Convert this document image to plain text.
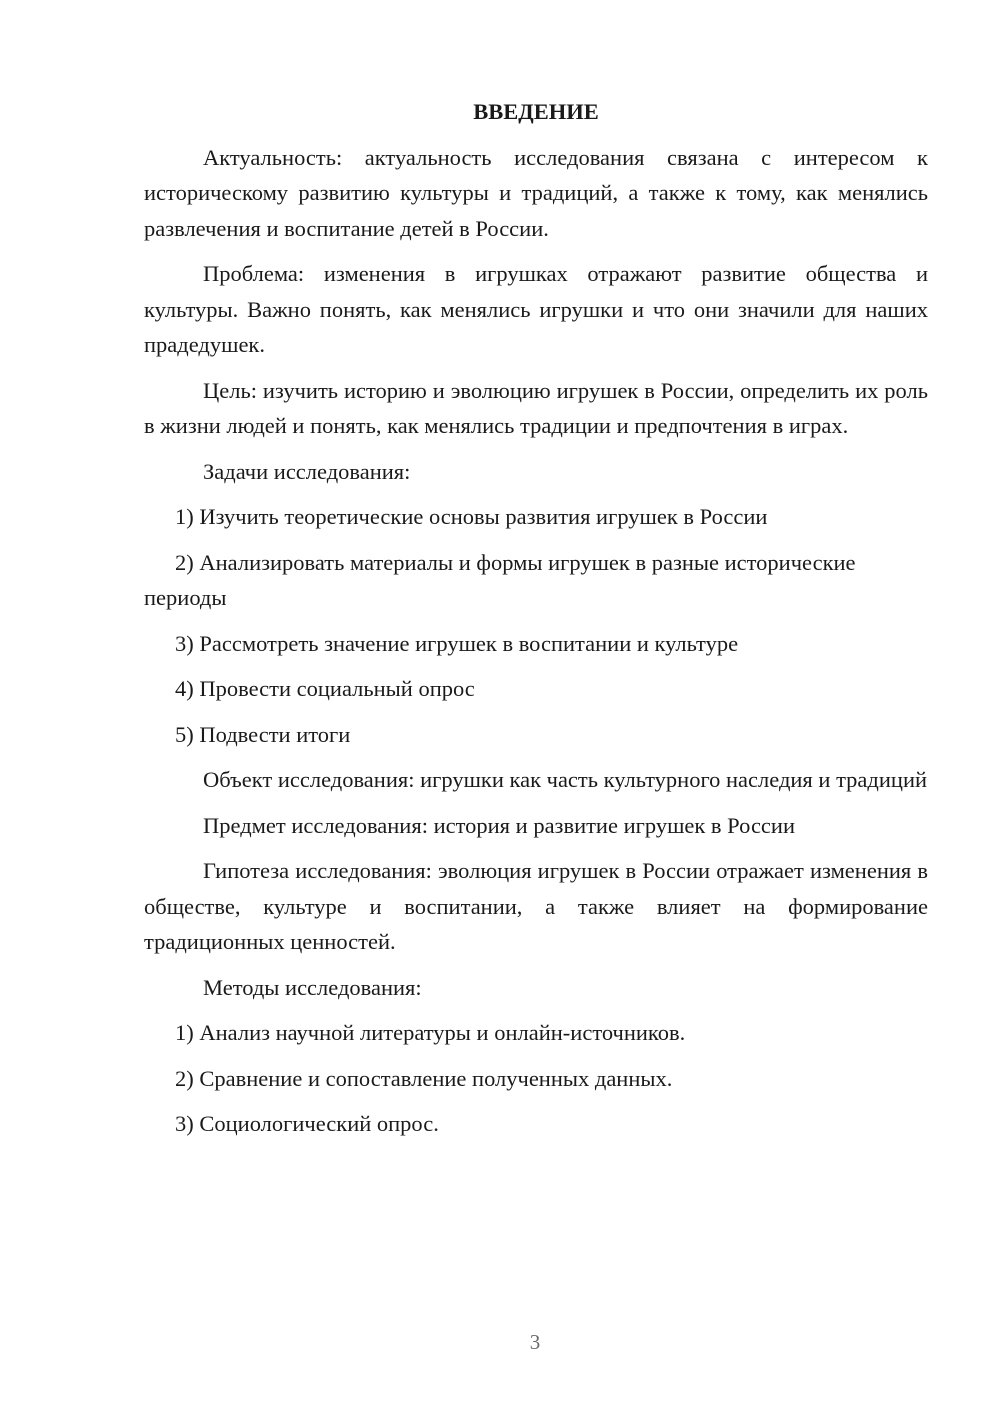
ВВЕДЕНИЕ

Актуальность: актуальность исследования связана с интересом к историческому развитию культуры и традиций, а также к тому, как менялись развлечения и воспитание детей в России.

Проблема: изменения в игрушках отражают развитие общества и культуры. Важно понять, как менялись игрушки и что они значили для наших прадедушек.

Цель: изучить историю и эволюцию игрушек в России, определить их роль в жизни людей и понять, как менялись традиции и предпочтения в играх.

Задачи исследования:

1) Изучить теоретические основы развития игрушек в России

2) Анализировать материалы и формы игрушек в разные исторические периоды

3) Рассмотреть значение игрушек в воспитании и культуре

4) Провести социальный опрос

5) Подвести итоги

Объект исследования: игрушки как часть культурного наследия и традиций

Предмет исследования: история и развитие игрушек в России

Гипотеза исследования: эволюция игрушек в России отражает изменения в обществе, культуре и воспитании, а также влияет на формирование традиционных ценностей.

Методы исследования:

1) Анализ научной литературы и онлайн-источников.

2) Сравнение и сопоставление полученных данных.

3) Социологический опрос.

3
